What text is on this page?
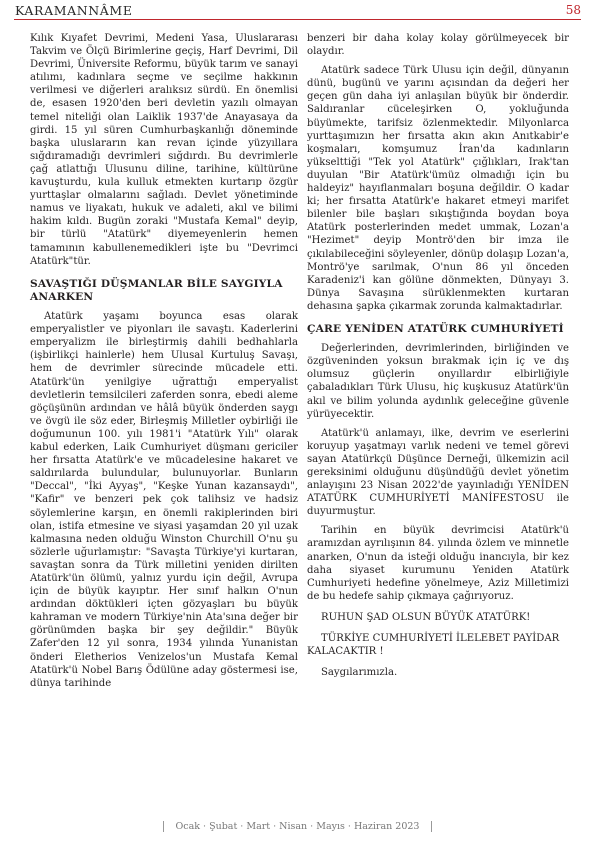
KARAMANNÂME	58

Kılık Kıyafet Devrimi, Medeni Yasa, Uluslararası Takvim ve Ölçü Birimlerine geçiş, Harf Devrimi, Dil Devrimi, Üniversite Reformu, büyük tarım ve sanayi atılımı, kadınlara seçme ve seçilme hakkının verilmesi ve diğerleri aralıksız sürdü. En önemlisi de, esasen 1920'den beri devletin yazılı olmayan temel niteliği olan Laiklik 1937'de Anayasaya da girdi. 15 yıl süren Cumhurbaşkanlığı döneminde başka uluslararın kan revan içinde yüzyıllara sığdıramadığı devrimleri sığdırdı. Bu devrimlerle çağ atlattığı Ulusunu diline, tarihine, kültürüne kavuşturdu, kula kulluk etmekten kurtarıp özgür yurttaşlar olmalarını sağladı. Devlet yönetiminde namus ve liyakatı, hukuk ve adaleti, akıl ve bilimi hakim kıldı. Bugün zoraki "Mustafa Kemal" deyip, bir türlü "Atatürk" diyemeyenlerin hemen tamamının kabullenemedikleri işte bu "Devrimci Atatürk"tür.

SAVAŞTIĞI DÜŞMANLAR BİLE SAYGIYLA ANARKEN

Atatürk yaşamı boyunca esas olarak emperyalistler ve piyonları ile savaştı. Kaderlerini emperyalizm ile birleştirmiş dahili bedhahlarla (işbirlikçi hainlerle) hem Ulusal Kurtuluş Savaşı, hem de devrimler sürecinde mücadele etti. Atatürk'ün yenilgiye uğrattığı emperyalist devletlerin temsilcileri zaferden sonra, ebedi aleme göçüşünün ardından ve hâlâ büyük önderden saygı ve övgü ile söz eder, Birleşmiş Milletler oybirliği ile doğumunun 100. yılı 1981'i "Atatürk Yılı" olarak kabul ederken, Laik Cumhuriyet düşmanı gericiler her fırsatta Atatürk'e ve mücadelesine hakaret ve saldırılarda bulundular, bulunuyorlar. Bunların "Deccal", "İki Ayyaş", "Keşke Yunan kazansaydı", "Kafir" ve benzeri pek çok talihsiz ve hadsiz söylemlerine karşın, en önemli rakiplerinden biri olan, istifa etmesine ve siyasi yaşamdan 20 yıl uzak kalmasına neden olduğu Winston Churchill O'nu şu sözlerle uğurlamıştır: "Savaşta Türkiye'yi kurtaran, savaştan sonra da Türk milletini yeniden dirilten Atatürk'ün ölümü, yalnız yurdu için değil, Avrupa için de büyük kayıptır. Her sınıf halkın O'nun ardından döktükleri içten gözyaşları bu büyük kahraman ve modern Türkiye'nin Ata'sına değer bir görünümden başka bir şey değildir." Büyük Zafer'den 12 yıl sonra, 1934 yılında Yunanistan önderi Eletherios Venizelos'un Mustafa Kemal Atatürk'ü Nobel Barış Ödülüne aday göstermesi ise, dünya tarihinde

benzeri bir daha kolay kolay görülmeyecek bir olaydır.

Atatürk sadece Türk Ulusu için değil, dünyanın dünü, bugünü ve yarını açısından da değeri her geçen gün daha iyi anlaşılan büyük bir önderdir. Saldıranlar cüceleşirken O, yokluğunda büyümekte, tarifsiz özlenmektedir. Milyonlarca yurttaşımızın her fırsatta akın akın Anıtkabir'e koşmaları, komşumuz İran'da kadınların yükselttiği "Tek yol Atatürk" çığlıkları, Irak'tan duyulan "Bir Atatürk'ümüz olmadığı için bu haldeyiz" hayıflanmaları boşuna değildir. O kadar ki; her fırsatta Atatürk'e hakaret etmeyi marifet bilenler bile başları sıkıştığında boydan boya Atatürk posterlerinden medet ummak, Lozan'a "Hezimet" deyip Montrö'den bir imza ile çıkılabileceğini söyleyenler, dönüp dolaşıp Lozan'a, Montrö'ye sarılmak, O'nun 86 yıl önceden Karadeniz'i kan gölüne dönmekten, Dünyayı 3. Dünya Savaşına sürüklenmekten kurtaran dehasına şapka çıkarmak zorunda kalmaktadırlar.

ÇARE YENİDEN ATATÜRK CUMHURİYETİ

Değerlerinden, devrimlerinden, birliğinden ve özgüveninden yoksun bırakmak için iç ve dış olumsuz güçlerin onyıllardır elbirliğiyle çabaladıkları Türk Ulusu, hiç kuşkusuz Atatürk'ün akıl ve bilim yolunda aydınlık geleceğine güvenle yürüyecektir.

Atatürk'ü anlamayı, ilke, devrim ve eserlerini koruyup yaşatmayı varlık nedeni ve temel görevi sayan Atatürkçü Düşünce Derneği, ülkemizin acil gereksinimi olduğunu düşündüğü devlet yönetim anlayışını 23 Nisan 2022'de yayınladığı YENİDEN ATATÜRK CUMHURİYETİ MANİFESTOSU ile duyurmuştur.

Tarihin en büyük devrimcisi Atatürk'ü aramızdan ayrılışının 84. yılında özlem ve minnetle anarken, O'nun da isteği olduğu inancıyla, bir kez daha siyaset kurumunu Yeniden Atatürk Cumhuriyeti hedefine yönelmeye, Aziz Milletimizi de bu hedefe sahip çıkmaya çağırıyoruz.

RUHUN ŞAD OLSUN BÜYÜK ATATÜRK!

TÜRKİYE CUMHURİYETİ İLELEBET PAYİDAR KALACAKTIR !

Saygılarımızla.

Ocak · Şubat · Mart · Nisan · Mayıs · Haziran 2023
